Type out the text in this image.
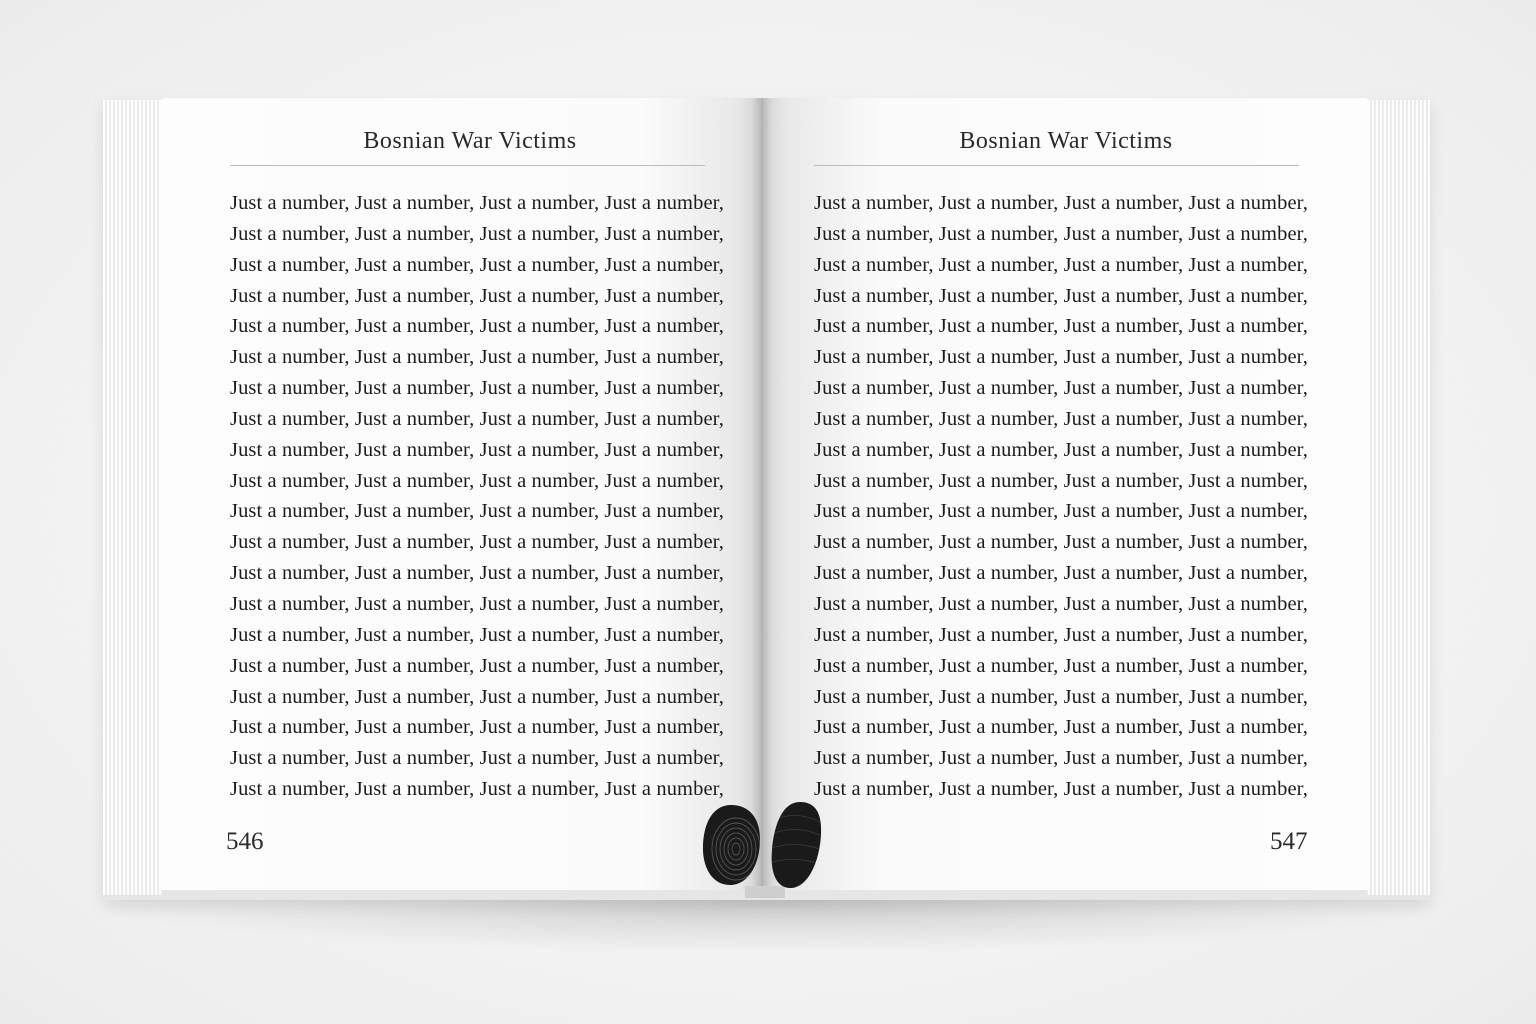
Bosnian War Victims
Just a number, Just a number, Just a number, Just a number,
Just a number, Just a number, Just a number, Just a number,
Just a number, Just a number, Just a number, Just a number,
Just a number, Just a number, Just a number, Just a number,
Just a number, Just a number, Just a number, Just a number,
Just a number, Just a number, Just a number, Just a number,
Just a number, Just a number, Just a number, Just a number,
Just a number, Just a number, Just a number, Just a number,
Just a number, Just a number, Just a number, Just a number,
Just a number, Just a number, Just a number, Just a number,
Just a number, Just a number, Just a number, Just a number,
Just a number, Just a number, Just a number, Just a number,
Just a number, Just a number, Just a number, Just a number,
Just a number, Just a number, Just a number, Just a number,
Just a number, Just a number, Just a number, Just a number,
Just a number, Just a number, Just a number, Just a number,
Just a number, Just a number, Just a number, Just a number,
Just a number, Just a number, Just a number, Just a number,
Just a number, Just a number, Just a number, Just a number,
Just a number, Just a number, Just a number, Just a number,
546
Bosnian War Victims
Just a number, Just a number, Just a number, Just a number,
Just a number, Just a number, Just a number, Just a number,
Just a number, Just a number, Just a number, Just a number,
Just a number, Just a number, Just a number, Just a number,
Just a number, Just a number, Just a number, Just a number,
Just a number, Just a number, Just a number, Just a number,
Just a number, Just a number, Just a number, Just a number,
Just a number, Just a number, Just a number, Just a number,
Just a number, Just a number, Just a number, Just a number,
Just a number, Just a number, Just a number, Just a number,
Just a number, Just a number, Just a number, Just a number,
Just a number, Just a number, Just a number, Just a number,
Just a number, Just a number, Just a number, Just a number,
Just a number, Just a number, Just a number, Just a number,
Just a number, Just a number, Just a number, Just a number,
Just a number, Just a number, Just a number, Just a number,
Just a number, Just a number, Just a number, Just a number,
Just a number, Just a number, Just a number, Just a number,
Just a number, Just a number, Just a number, Just a number,
Just a number, Just a number, Just a number, Just a number,
547
